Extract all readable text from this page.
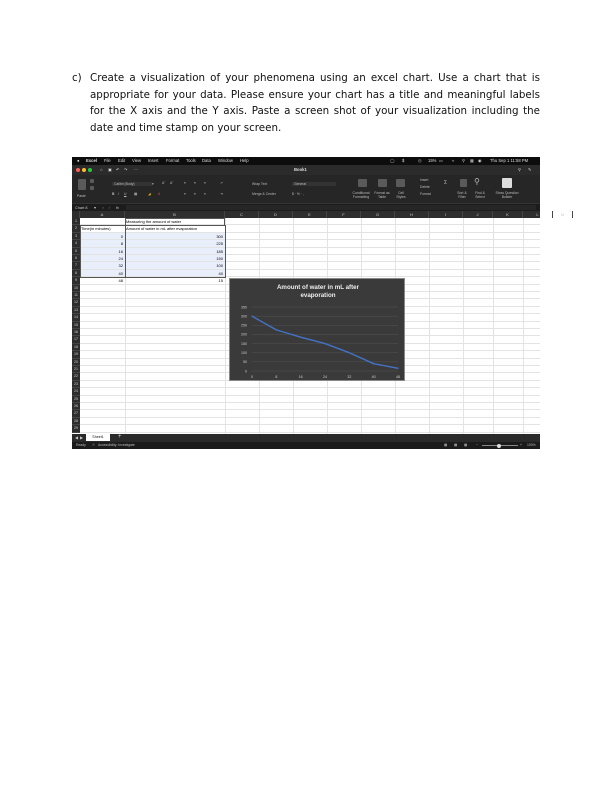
c) Create a visualization of your phenomena using an excel chart. Use a chart that is appropriate for your data. Please ensure your chart has a title and meaningful labels for the X axis and the Y axis. Paste a screen shot of your visualization including the date and time stamp on your screen.
● Excel File Edit View Insert Format Tools Data Window Help	◯ $	◷ 15% ▭ ≈ ⚲ ▦ ◉ Thu Sep 1 11:58 PM
⌂ ▣ ↶ ↷ ⋯	Book1	⚲ ✎
Paste
Calibri (Body)	▾ Aˆ Aˇ
B I U ▦	◢ A
≡ ≡ ≡
≡ ≡ ≡
↗
⇥
Wrap Text
Merge & Center
General
$ ⋅ % ⋅ ,	Conditional Formatting
Format as Table
Cell Styles
Insert
Delete
Format
Σ
Sort & Filter
⚲
Find & Select
Show Question Builder
Chart 8 ▾ × ✓ fx
A	B	C	D	E	F	G	H	I	J	K	L	M
1
2
3
4
5
6
7
8
9
10
11
12
13
14
15
16
17
18
19
20
21
22
23
24
25
26
27
28
29
Measuring the amount of water
Time(in minutes)	Amount of water in mL after evaporation
0
8
16
24
32
40
48
300
225
185
150
100
40
15
Amount of water in mL after
evaporation
350
300
250
200
150
100
50
0
0	8	16	24	32	40	48
◀ ▶	Sheet1	+
Ready ☉ Accessibility: Investigate	▦ ▦ ▦	−	+ 100%
